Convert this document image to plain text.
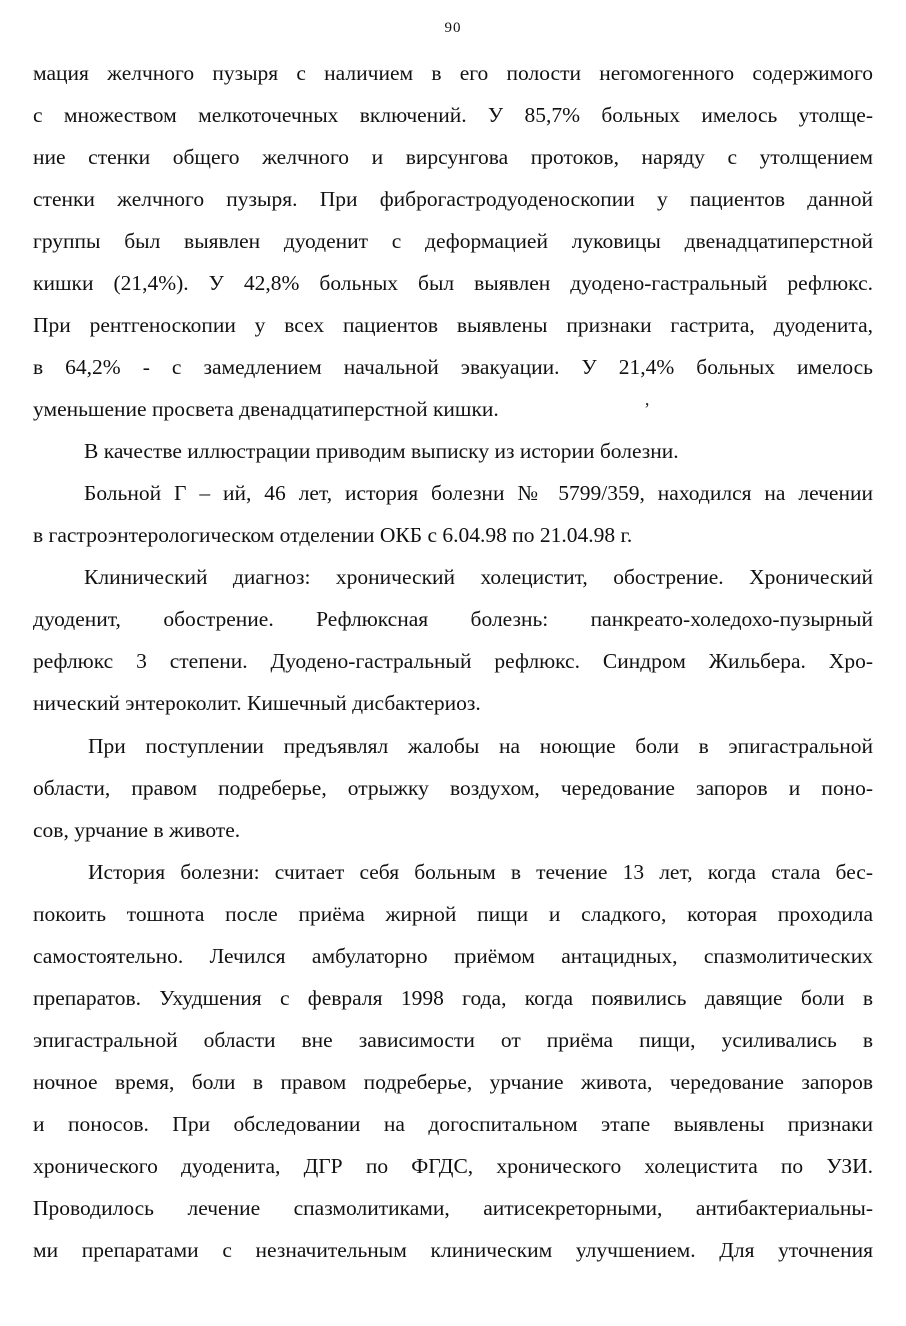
90
мация желчного пузыря с наличием в его полости негомогенного содержимого
с множеством мелкоточечных включений. У 85,7% больных имелось утолще-
ние стенки общего желчного и вирсунгова протоков, наряду с утолщением
стенки желчного пузыря. При фиброгастродуоденоскопии у пациентов данной
группы был выявлен дуоденит с деформацией луковицы двенадцатиперстной
кишки (21,4%). У 42,8% больных был выявлен дуодено-гастральный рефлюкс.
При рентгеноскопии у всех пациентов выявлены признаки гастрита, дуоденита,
в 64,2% - с замедлением начальной эвакуации. У 21,4% больных имелось
уменьшение просвета двенадцатиперстной кишки.	ʼ
В качестве иллюстрации приводим выписку из истории болезни.
Больной Г – ий, 46 лет, история болезни № 5799/359, находился на лечении
в гастроэнтерологическом отделении ОКБ с 6.04.98 по 21.04.98 г.
Клинический диагноз: хронический холецистит, обострение. Хронический
дуоденит, обострение. Рефлюксная болезнь: панкреато-холедохо-пузырный
рефлюкс 3 степени. Дуодено-гастральный рефлюкс. Синдром Жильбера. Хро-
нический энтероколит. Кишечный дисбактериоз.
При поступлении предъявлял жалобы на ноющие боли в эпигастральной
области, правом подреберье, отрыжку воздухом, чередование запоров и поно-
сов, урчание в животе.
История болезни: считает себя больным в течение 13 лет, когда стала бес-
покоить тошнота после приёма жирной пищи и сладкого, которая проходила
самостоятельно. Лечился амбулаторно приёмом антацидных, спазмолитических
препаратов. Ухудшения с февраля 1998 года, когда появились давящие боли в
эпигастральной области вне зависимости от приёма пищи, усиливались в
ночное время, боли в правом подреберье, урчание живота, чередование запоров
и поносов. При обследовании на догоспитальном этапе выявлены признаки
хронического дуоденита, ДГР по ФГДС, хронического холецистита по УЗИ.
Проводилось лечение спазмолитиками, аитисекреторными, антибактериальны-
ми препаратами с незначительным клиническим улучшением. Для уточнения
